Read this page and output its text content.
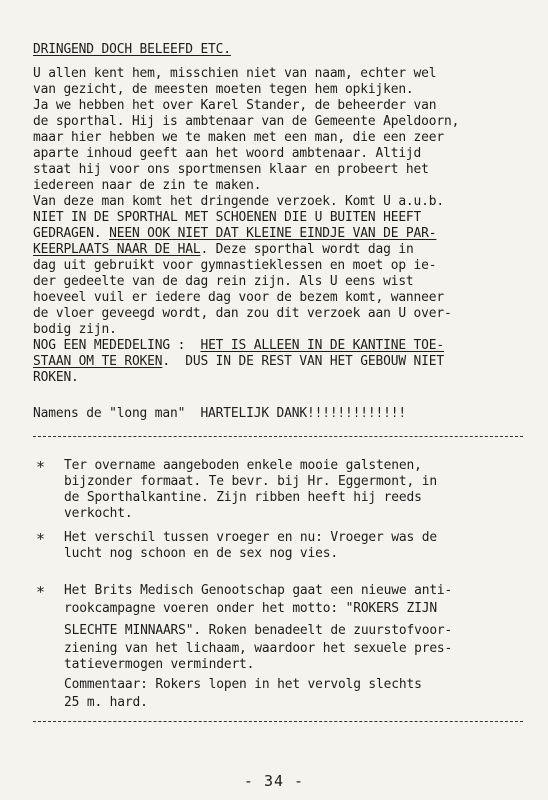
DRINGEND DOCH BELEEFD ETC.
U allen kent hem, misschien niet van naam, echter wel
van gezicht, de meesten moeten tegen hem opkijken.
Ja we hebben het over Karel Stander, de beheerder van
de sporthal. Hij is ambtenaar van de Gemeente Apeldoorn,
maar hier hebben we te maken met een man, die een zeer
aparte inhoud geeft aan het woord ambtenaar. Altijd
staat hij voor ons sportmensen klaar en probeert het
iedereen naar de zin te maken.
Van deze man komt het dringende verzoek. Komt U a.u.b.
NIET IN DE SPORTHAL MET SCHOENEN DIE U BUITEN HEEFT
GEDRAGEN. NEEN OOK NIET DAT KLEINE EINDJE VAN DE PAR-
KEERPLAATS NAAR DE HAL. Deze sporthal wordt dag in
dag uit gebruikt voor gymnastieklessen en moet op ie-
der gedeelte van de dag rein zijn. Als U eens wist
hoeveel vuil er iedere dag voor de bezem komt, wanneer
de vloer geveegd wordt, dan zou dit verzoek aan U over-
bodig zijn.
NOG EEN MEDEDELING :  HET IS ALLEEN IN DE KANTINE TOE-
STAAN OM TE ROKEN.  DUS IN DE REST VAN HET GEBOUW NIET
ROKEN.
Namens de "long man"  HARTELIJK DANK!!!!!!!!!!!!!
* Ter overname aangeboden enkele mooie galstenen,
bijzonder formaat. Te bevr. bij Hr. Eggermont, in
de Sporthalkantine. Zijn ribben heeft hij reeds
verkocht.
* Het verschil tussen vroeger en nu: Vroeger was de
lucht nog schoon en de sex nog vies.
* Het Brits Medisch Genootschap gaat een nieuwe anti-
rookcampagne voeren onder het motto: "ROKERS ZIJN
SLECHTE MINNAARS". Roken benadeelt de zuurstofvoor-
ziening van het lichaam, waardoor het sexuele pres-
tatievermogen vermindert.
Commentaar: Rokers lopen in het vervolg slechts
25 m. hard.
- 34 -
